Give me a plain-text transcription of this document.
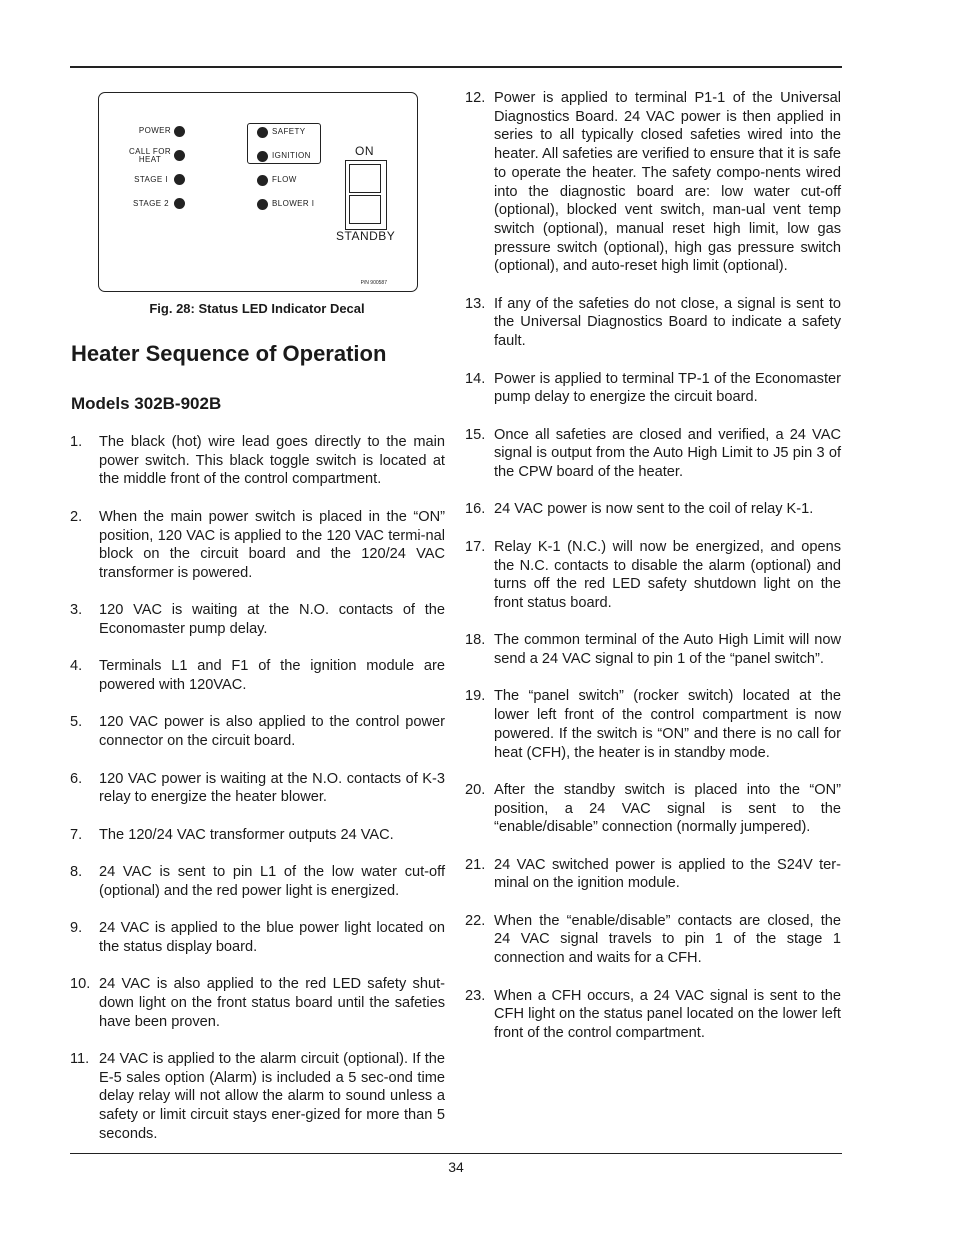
POWER
CALL FOR
HEAT
STAGE I
STAGE 2
SAFETY
IGNITION
FLOW
BLOWER I
ON
STANDBY
P/N 900587
Fig. 28: Status LED Indicator Decal
Heater Sequence of Operation
Models 302B-902B
1. The black (hot) wire lead goes directly to the main power switch. This black toggle switch is located at the middle front of the control compartment.
2. When the main power switch is placed in the “ON” position, 120 VAC is applied to the 120 VAC termi-nal block on the circuit board and the 120/24 VAC transformer is powered.
3. 120 VAC is waiting at the N.O. contacts of the Economaster pump delay.
4. Terminals L1 and F1 of the ignition module are powered with 120VAC.
5. 120 VAC power is also applied to the control power connector on the circuit board.
6. 120 VAC power is waiting at the N.O. contacts of K-3 relay to energize the heater blower.
7. The 120/24 VAC transformer outputs 24 VAC.
8. 24 VAC is sent to pin L1 of the low water cut-off (optional) and the red power light is energized.
9. 24 VAC is applied to the blue power light located on the status display board.
10. 24 VAC is also applied to the red LED safety shut-down light on the front status board until the safeties have been proven.
11. 24 VAC is applied to the alarm circuit (optional). If the E-5 sales option (Alarm) is included a 5 sec-ond time delay relay will not allow the alarm to sound unless a safety or limit circuit stays ener-gized for more than 5 seconds.
12. Power is applied to terminal P1-1 of the Universal Diagnostics Board. 24 VAC power is then applied in series to all typically closed safeties wired into the heater. All safeties are verified to ensure that it is safe to operate the heater. The safety compo-nents wired into the diagnostic board are: low water cut-off (optional), blocked vent switch, man-ual vent temp switch (optional), manual reset high limit, low gas pressure switch (optional), high gas pressure switch (optional), and auto-reset high limit (optional).
13. If any of the safeties do not close, a signal is sent to the Universal Diagnostics Board to indicate a safety fault.
14. Power is applied to terminal TP-1 of the Economaster pump delay to energize the circuit board.
15. Once all safeties are closed and verified, a 24 VAC signal is output from the Auto High Limit to J5 pin 3 of the CPW board of the heater.
16. 24 VAC power is now sent to the coil of relay K-1.
17. Relay K-1 (N.C.) will now be energized, and opens the N.C. contacts to disable the alarm (optional) and turns off the red LED safety shutdown light on the front status board.
18. The common terminal of the Auto High Limit will now send a 24 VAC signal to pin 1 of the “panel switch”.
19. The “panel switch” (rocker switch) located at the lower left front of the control compartment is now powered. If the switch is “ON” and there is no call for heat (CFH), the heater is in standby mode.
20. After the standby switch is placed into the “ON” position, a 24 VAC signal is sent to the “enable/disable” connection (normally jumpered).
21. 24 VAC switched power is applied to the S24V ter-minal on the ignition module.
22. When the “enable/disable” contacts are closed, the 24 VAC signal travels to pin 1 of the stage 1 connection and waits for a CFH.
23. When a CFH occurs, a 24 VAC signal is sent to the CFH light on the status panel located on the lower left front of the control compartment.
34
